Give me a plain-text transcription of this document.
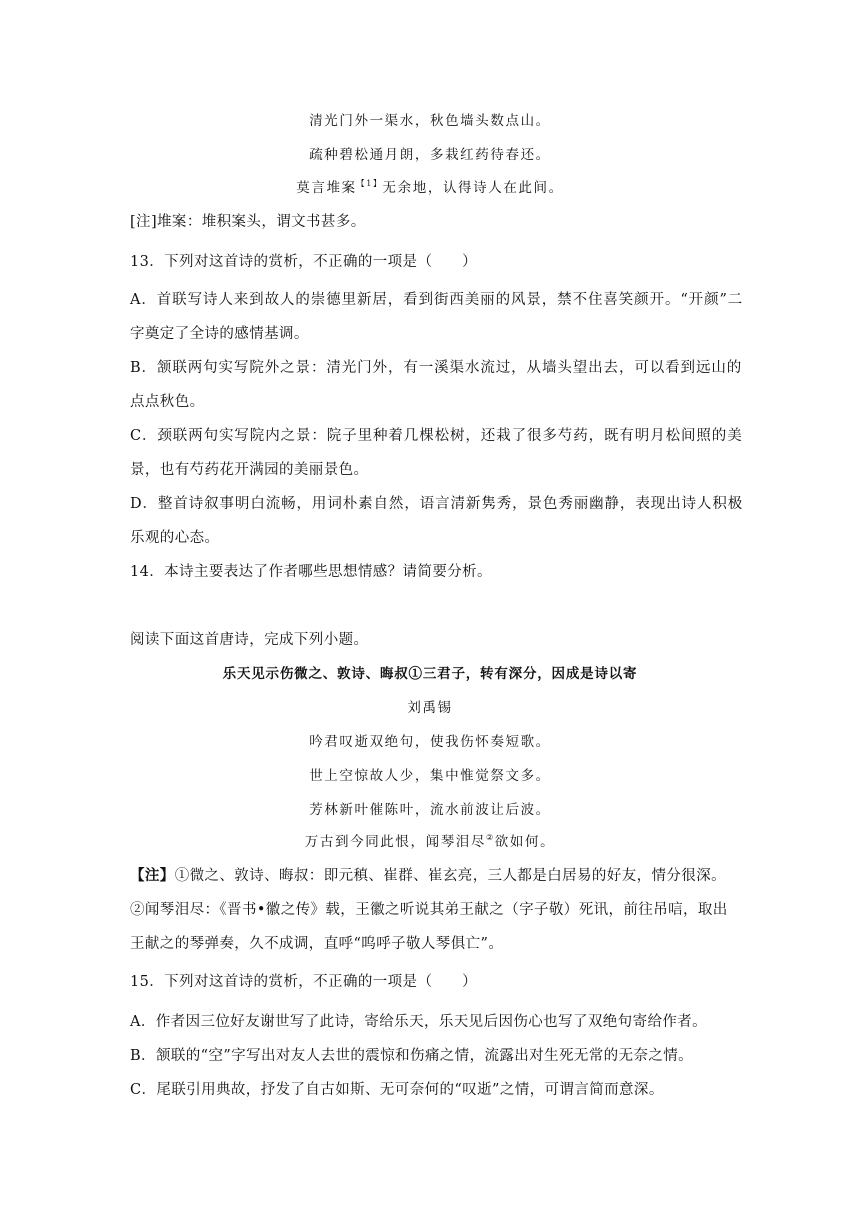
清光门外一渠水，秋色墙头数点山。
疏种碧松通月朗，多栽红药待春还。
莫言堆案$^{【1】}$无余地，认得诗人在此间。
[注]堆案：堆积案头，谓文书甚多。
13．下列对这首诗的赏析，不正确的一项是（　　）
A．首联写诗人来到故人的崇德里新居，看到街西美丽的风景，禁不住喜笑颜开。“开颜”二
字奠定了全诗的感情基调。
B．颔联两句实写院外之景：清光门外，有一溪渠水流过，从墙头望出去，可以看到远山的
点点秋色。
C．颈联两句实写院内之景：院子里种着几棵松树，还栽了很多芍药，既有明月松间照的美
景，也有芍药花开满园的美丽景色。
D．整首诗叙事明白流畅，用词朴素自然，语言清新隽秀，景色秀丽幽静，表现出诗人积极
乐观的心态。
14．本诗主要表达了作者哪些思想情感？请简要分析。
阅读下面这首唐诗，完成下列小题。
乐天见示伤微之、敦诗、晦叔①三君子，转有深分，因成是诗以寄
刘禹锡
吟君叹逝双绝句，使我伤怀奏短歌。
世上空惊故人少，集中惟觉祭文多。
芳林新叶催陈叶，流水前波让后波。
万古到今同此恨，闻琴泪尽②欲如何。
【注】①微之、敦诗、晦叔：即元稹、崔群、崔玄亮，三人都是白居易的好友，情分很深。
②闻琴泪尽：《晋书•徽之传》载，王徽之听说其弟王献之（字子敬）死讯，前往吊唁，取出
王献之的琴弹奏，久不成调，直呼“呜呼子敬人琴俱亡”。
15．下列对这首诗的赏析，不正确的一项是（　　）
A．作者因三位好友谢世写了此诗，寄给乐天，乐天见后因伤心也写了双绝句寄给作者。
B．颔联的“空”字写出对友人去世的震惊和伤痛之情，流露出对生死无常的无奈之情。
C．尾联引用典故，抒发了自古如斯、无可奈何的“叹逝”之情，可谓言简而意深。
